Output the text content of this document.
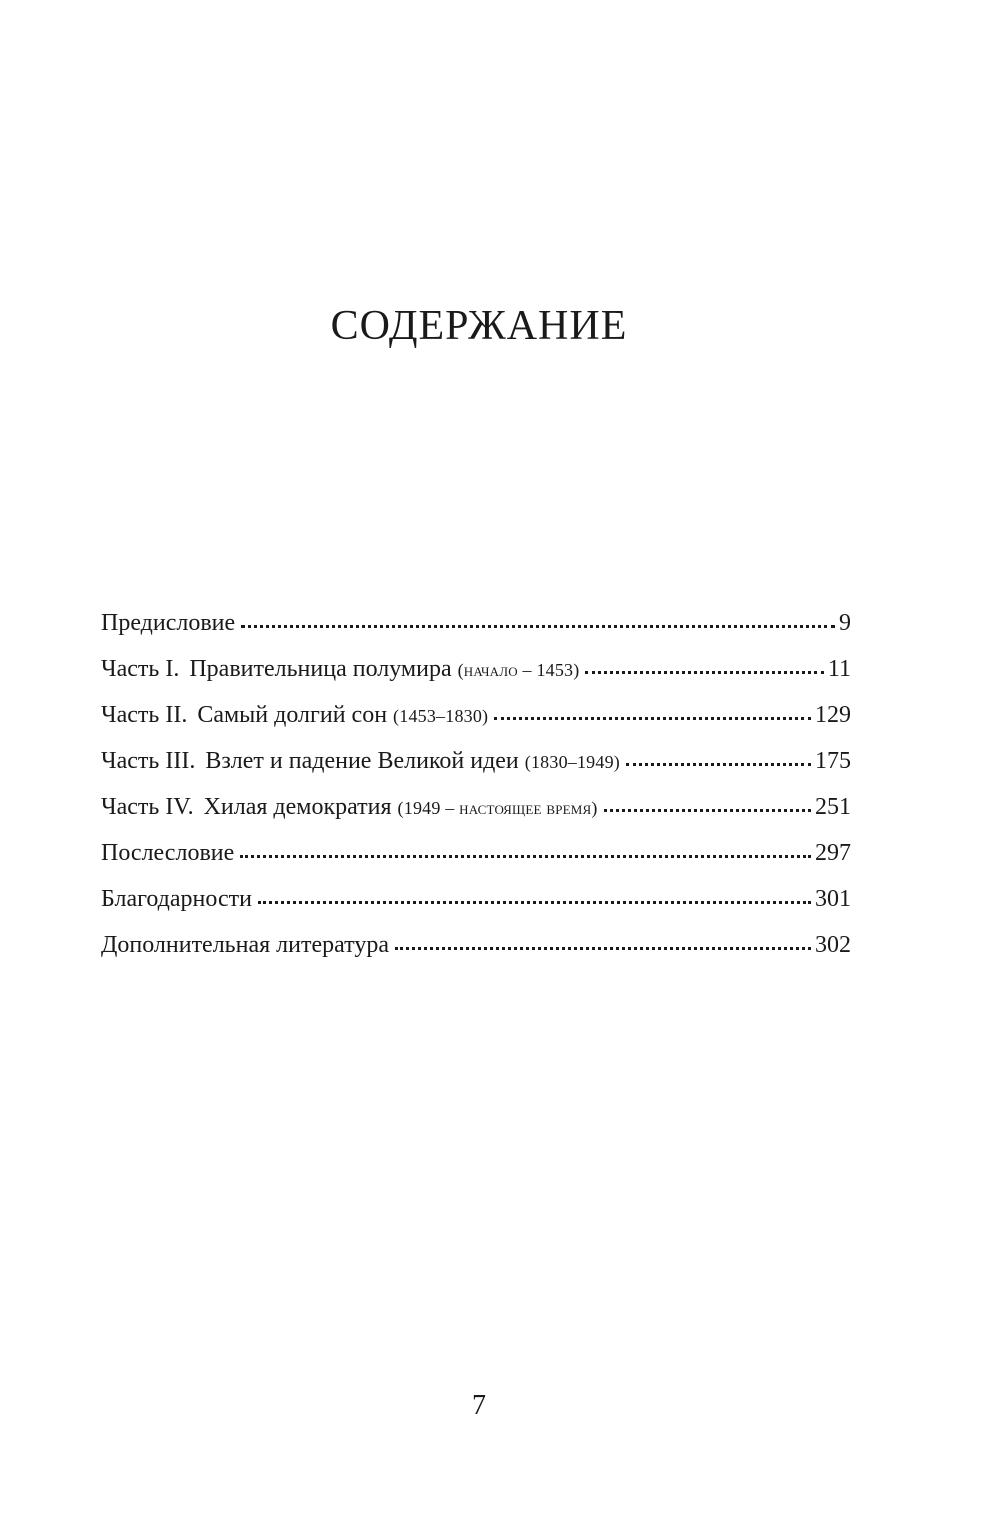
СОДЕРЖАНИЕ
Предисловие	9
Часть I. Правительница полумира (начало – 1453)	11
Часть II. Самый долгий сон (1453–1830)	129
Часть III. Взлет и падение Великой идеи (1830–1949)	175
Часть IV. Хилая демократия (1949 – настоящее время)	251
Послесловие	297
Благодарности	301
Дополнительная литература	302

7
